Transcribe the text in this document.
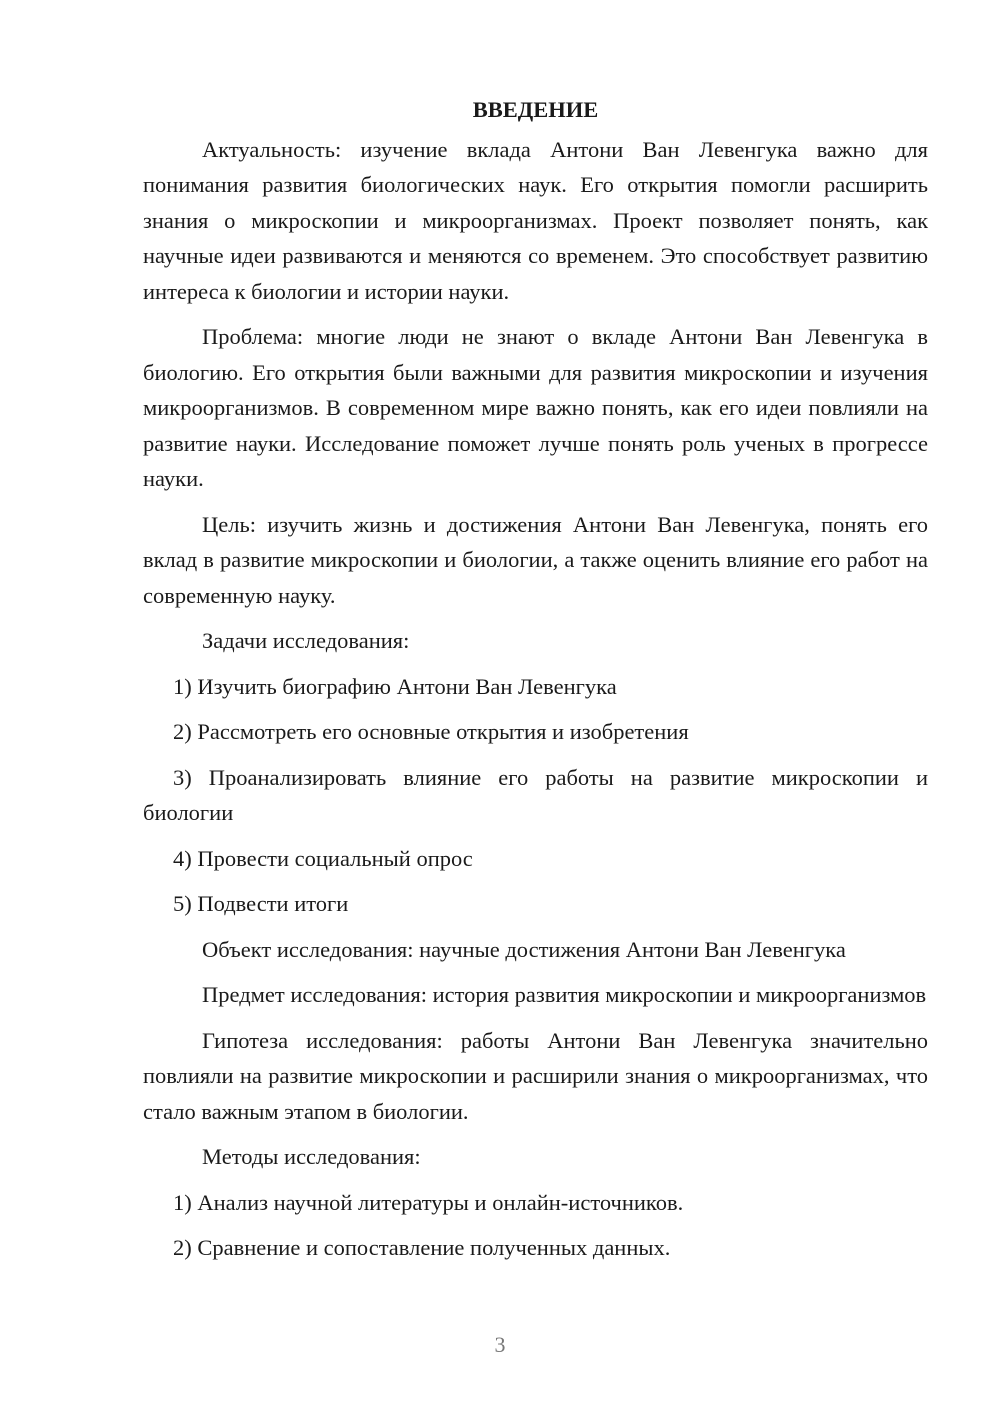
ВВЕДЕНИЕ

Актуальность: изучение вклада Антони Ван Левенгука важно для понимания развития биологических наук. Его открытия помогли расширить знания о микроскопии и микроорганизмах. Проект позволяет понять, как научные идеи развиваются и меняются со временем. Это способствует развитию интереса к биологии и истории науки.

Проблема: многие люди не знают о вкладе Антони Ван Левенгука в биологию. Его открытия были важными для развития микроскопии и изучения микроорганизмов. В современном мире важно понять, как его идеи повлияли на развитие науки. Исследование поможет лучше понять роль ученых в прогрессе науки.

Цель: изучить жизнь и достижения Антони Ван Левенгука, понять его вклад в развитие микроскопии и биологии, а также оценить влияние его работ на современную науку.

Задачи исследования:

1) Изучить биографию Антони Ван Левенгука

2) Рассмотреть его основные открытия и изобретения

3) Проанализировать влияние его работы на развитие микроскопии и биологии

4) Провести социальный опрос

5) Подвести итоги

Объект исследования: научные достижения Антони Ван Левенгука

Предмет исследования: история развития микроскопии и микроорганизмов

Гипотеза исследования: работы Антони Ван Левенгука значительно повлияли на развитие микроскопии и расширили знания о микроорганизмах, что стало важным этапом в биологии.

Методы исследования:

1) Анализ научной литературы и онлайн-источников.

2) Сравнение и сопоставление полученных данных.

3
